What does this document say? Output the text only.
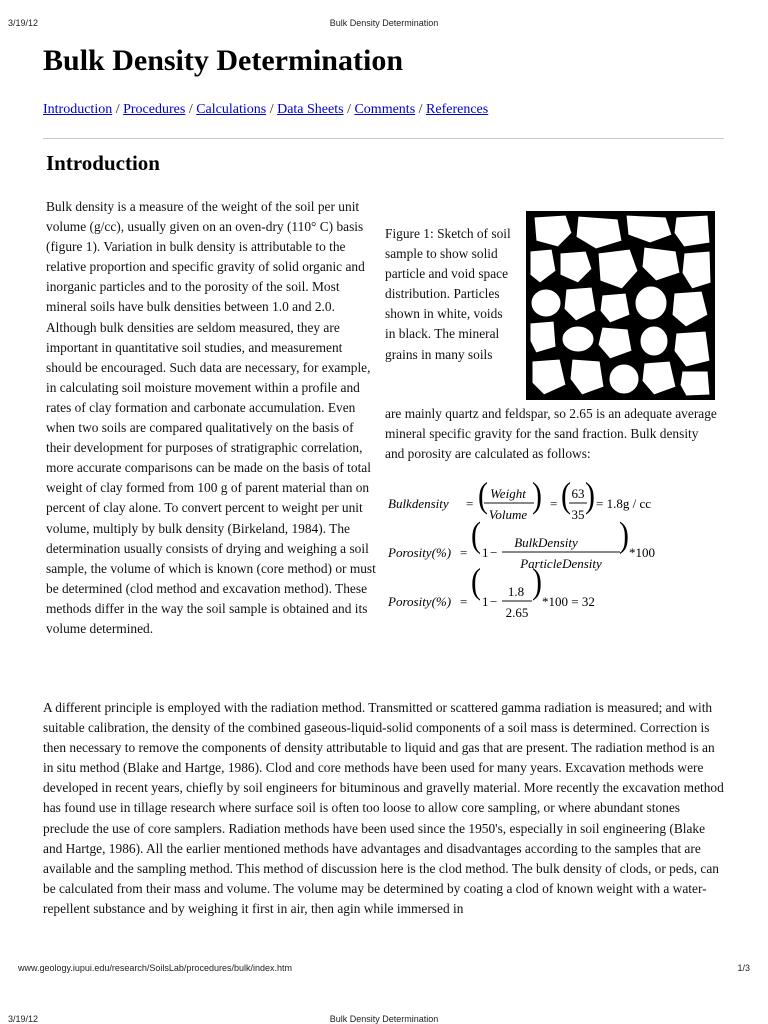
3/19/12	Bulk Density Determination
Bulk Density Determination
Introduction / Procedures / Calculations / Data Sheets / Comments / References
Introduction

Bulk density is a measure of the weight of the soil per unit volume (g/cc), usually given on an oven-dry (110° C) basis (figure 1). Variation in bulk density is attributable to the relative proportion and specific gravity of solid organic and inorganic particles and to the porosity of the soil. Most mineral soils have bulk densities between 1.0 and 2.0. Although bulk densities are seldom measured, they are important in quantitative soil studies, and measurement should be encouraged. Such data are necessary, for example, in calculating soil moisture movement within a profile and rates of clay formation and carbonate accumulation. Even when two soils are compared qualitatively on the basis of their development for purposes of stratigraphic correlation, more accurate comparisons can be made on the basis of total weight of clay formed from 100 g of parent material than on percent of clay alone. To convert percent to weight per unit volume, multiply by bulk density (Birkeland, 1984). The determination usually consists of drying and weighing a soil sample, the volume of which is known (core method) or must be determined (clod method and excavation method). These methods differ in the way the soil sample is obtained and its volume determined.

Figure 1: Sketch of soil sample to show solid particle and void space distribution. Particles shown in white, voids in black. The mineral grains in many soils

are mainly quartz and feldspar, so 2.65 is an adequate average mineral specific gravity for the sand fraction. Bulk density and porosity are calculated as follows:

Bulkdensity = ( Weight
Volume ) = ( 63
35 ) = 1.8g / cc
Porosity(%) = ( 1 −
BulkDensity
ParticleDensity
) *100
Porosity(%) = ( 1 −
1.8
2.65
) *100 = 32

A different principle is employed with the radiation method. Transmitted or scattered gamma radiation is measured; and with suitable calibration, the density of the combined gaseous-liquid-solid components of a soil mass is determined. Correction is then necessary to remove the components of density attributable to liquid and gas that are present. The radiation method is an in situ method (Blake and Hartge, 1986). Clod and core methods have been used for many years. Excavation methods were developed in recent years, chiefly by soil engineers for bituminous and gravelly material. More recently the excavation method has found use in tillage research where surface soil is often too loose to allow core sampling, or where abundant stones preclude the use of core samplers. Radiation methods have been used since the 1950's, especially in soil engineering (Blake and Hartge, 1986). All the earlier mentioned methods have advantages and disadvantages according to the samples that are available and the sampling method. This method of discussion here is the clod method. The bulk density of clods, or peds, can be calculated from their mass and volume. The volume may be determined by coating a clod of known weight with a water-repellent substance and by weighing it first in air, then agin while immersed in

www.geology.iupui.edu/research/SoilsLab/procedures/bulk/index.htm	1/3
3/19/12	Bulk Density Determination
